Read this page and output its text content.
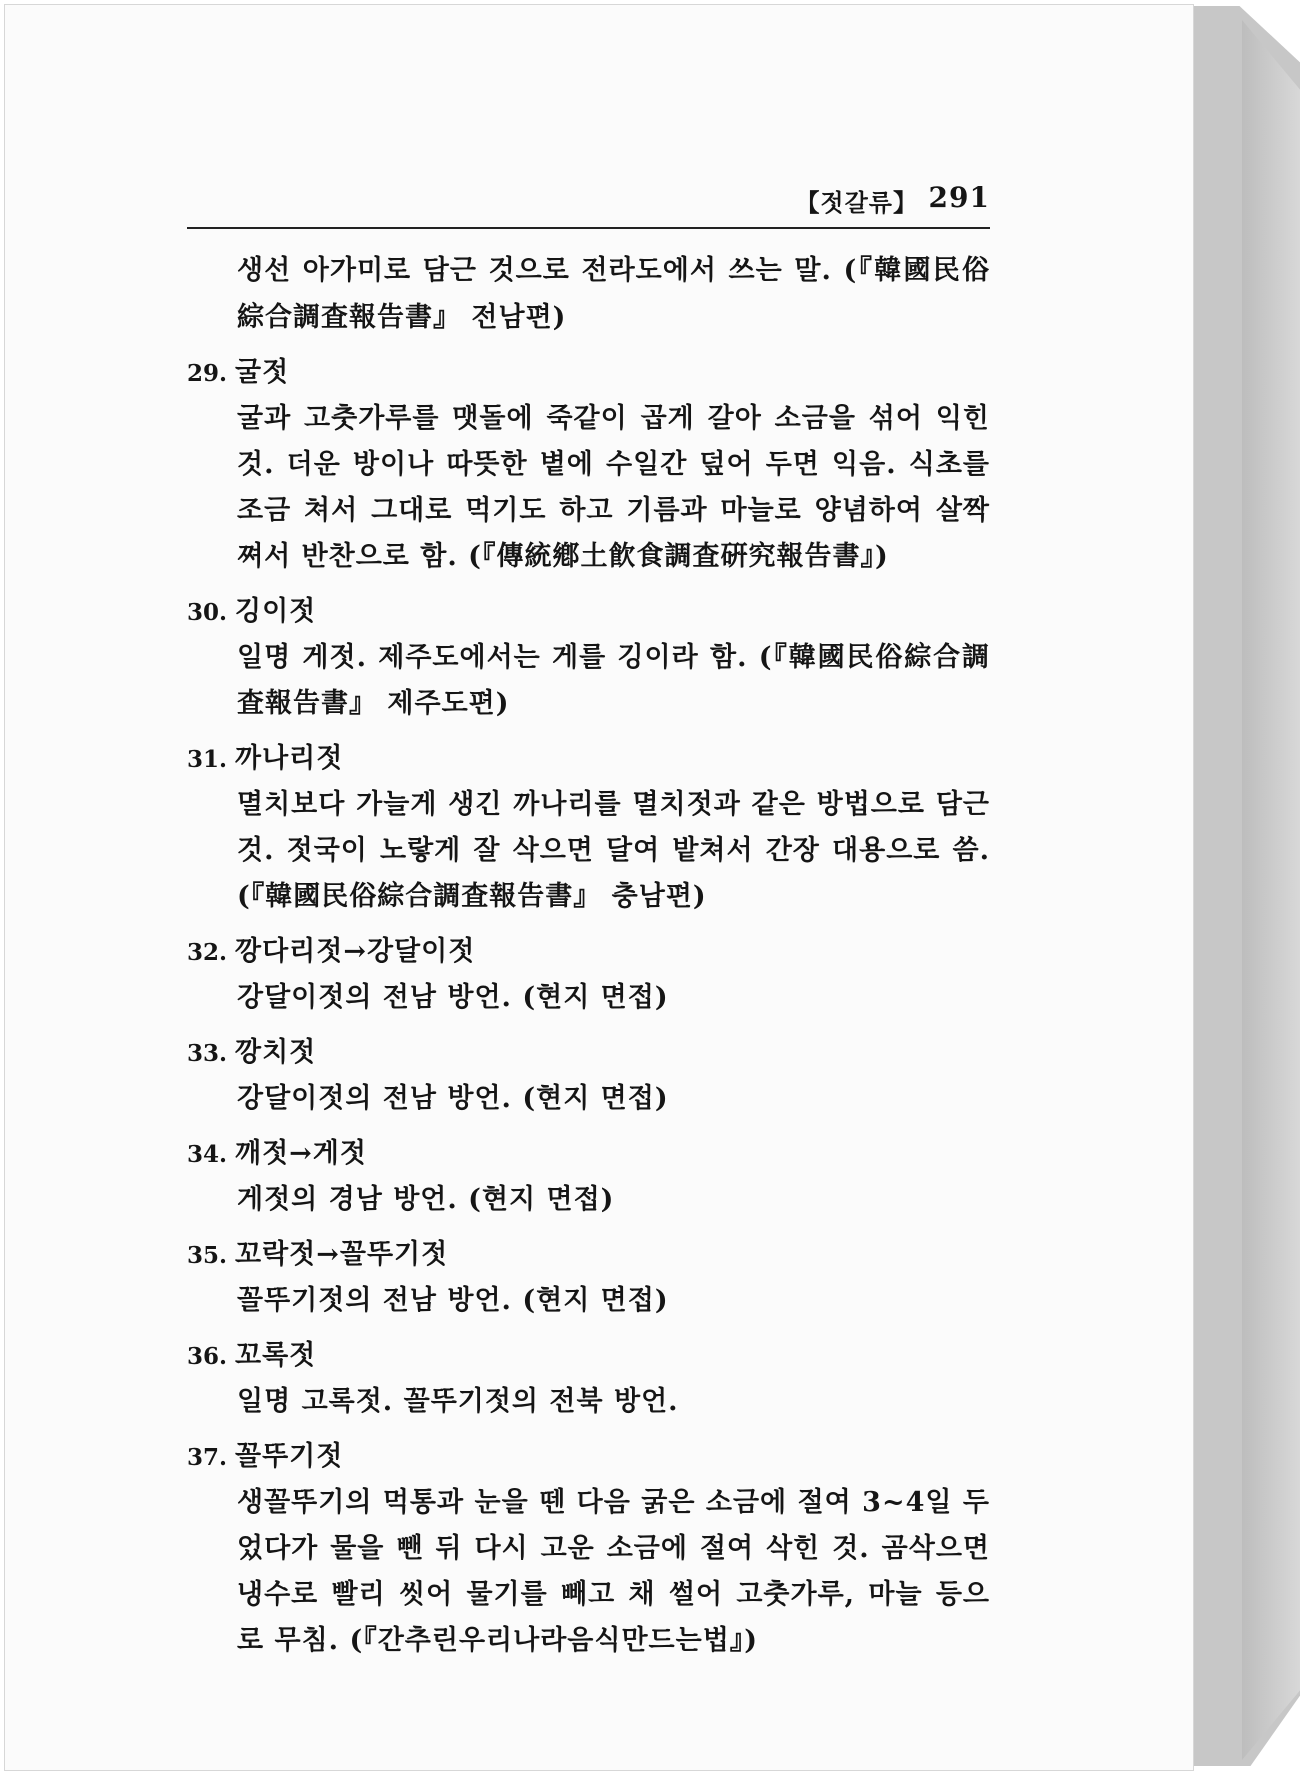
【젓갈류】 291
생선 아가미로 담근 것으로 전라도에서 쓰는 말. (『韓國民俗綜合調査報告書』 전남편)
29. 굴젓
굴과 고춧가루를 맷돌에 죽같이 곱게 갈아 소금을 섞어 익힌 것. 더운 방이나 따뜻한 볕에 수일간 덮어 두면 익음. 식초를 조금 쳐서 그대로 먹기도 하고 기름과 마늘로 양념하여 살짝 쪄서 반찬으로 함. (『傳統鄕土飮食調査硏究報告書』)
30. 깅이젓
일명 게젓. 제주도에서는 게를 깅이라 함. (『韓國民俗綜合調査報告書』 제주도편)
31. 까나리젓
멸치보다 가늘게 생긴 까나리를 멸치젓과 같은 방법으로 담근 것. 젓국이 노랗게 잘 삭으면 달여 밭쳐서 간장 대용으로 씀. (『韓國民俗綜合調査報告書』 충남편)
32. 깡다리젓→강달이젓
강달이젓의 전남 방언. (현지 면접)
33. 깡치젓
강달이젓의 전남 방언. (현지 면접)
34. 깨젓→게젓
게젓의 경남 방언. (현지 면접)
35. 꼬락젓→꼴뚜기젓
꼴뚜기젓의 전남 방언. (현지 면접)
36. 꼬록젓
일명 고록젓. 꼴뚜기젓의 전북 방언.
37. 꼴뚜기젓
생꼴뚜기의 먹통과 눈을 뗀 다음 굵은 소금에 절여 3~4일 두었다가 물을 뺀 뒤 다시 고운 소금에 절여 삭힌 것. 곰삭으면 냉수로 빨리 씻어 물기를 빼고 채 썰어 고춧가루, 마늘 등으로 무침. (『간추린우리나라음식만드는법』)
